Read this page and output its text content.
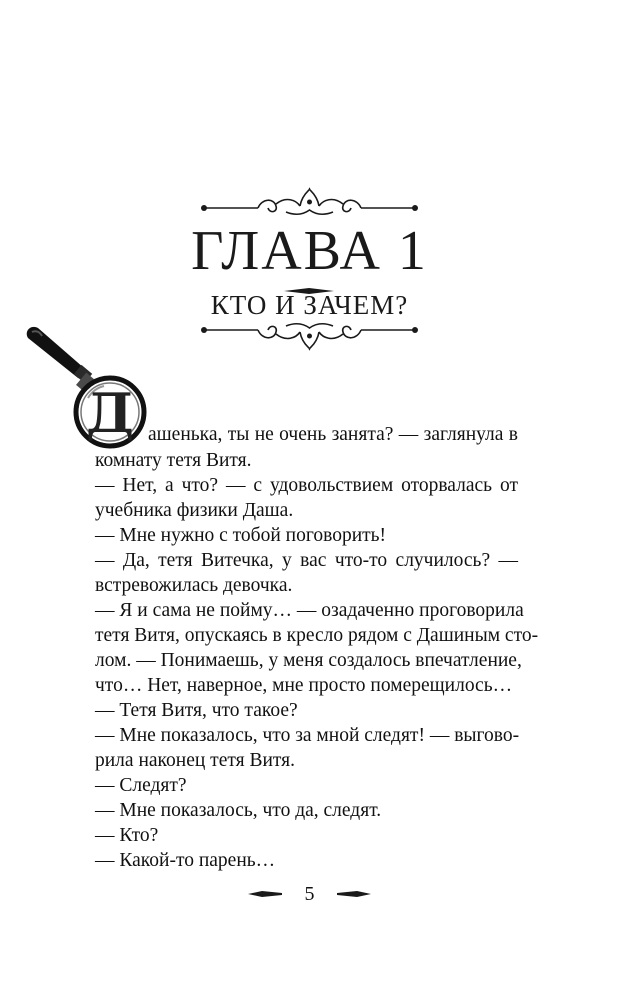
ГЛАВА 1
КТО И ЗАЧЕМ?
Д ашенька, ты не очень занята? — заглянула в
комнату тетя Витя.
— Нет, а что? — с удовольствием оторвалась от
учебника физики Даша.
— Мне нужно с тобой поговорить!
— Да, тетя Витечка, у вас что-то случилось? —
встревожилась девочка.
— Я и сама не пойму… — озадаченно проговорила
тетя Витя, опускаясь в кресло рядом с Дашиным сто-
лом. — Понимаешь, у меня создалось впечатление,
что… Нет, наверное, мне просто померещилось…
— Тетя Витя, что такое?
— Мне показалось, что за мной следят! — выгово-
рила наконец тетя Витя.
— Следят?
— Мне показалось, что да, следят.
— Кто?
— Какой-то парень…
5
